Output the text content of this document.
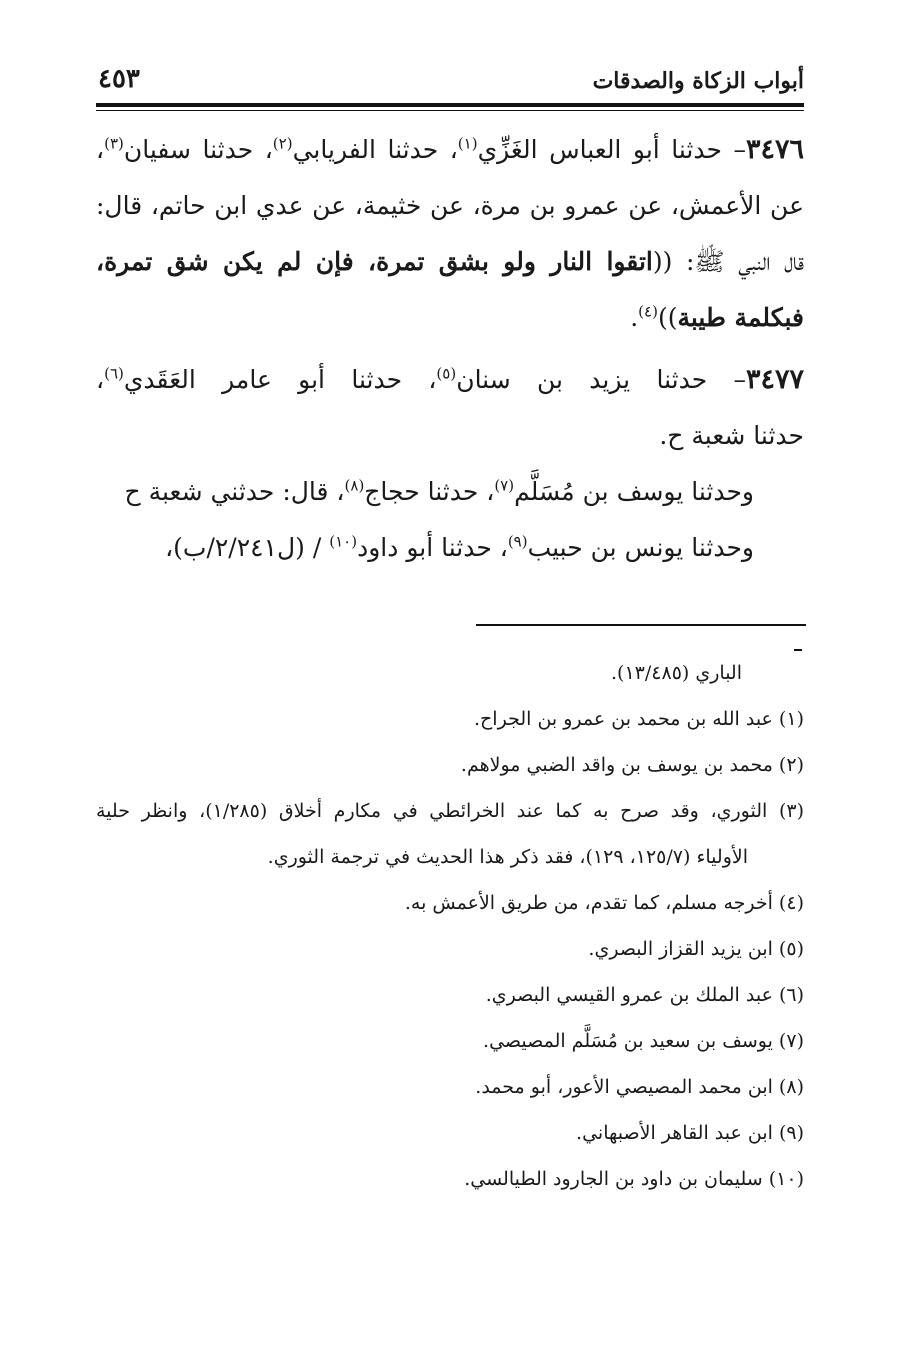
أبواب الزكاة والصدقات
٤٥٣
٣٤٧٦– حدثنا أبو العباس الغَزِّي$^{(١)}$، حدثنا الفريابي$^{(٢)}$، حدثنا سفيان$^{(٣)}$،
عن الأعمش، عن عمرو بن مرة، عن خثيمة، عن عدي ابن حاتم، قال:
قال النبي ﷺ: ((اتقوا النار ولو بشق تمرة، فإن لم يكن شق تمرة،
فبكلمة طيبة))$^{(٤)}$.
٣٤٧٧– حدثنا يزيد بن سنان$^{(٥)}$، حدثنا أبو عامر العَقَدي$^{(٦)}$،
حدثنا شعبة ح.
وحدثنا يوسف بن مُسَلَّم$^{(٧)}$، حدثنا حجاج$^{(٨)}$، قال: حدثني شعبة ح
وحدثنا يونس بن حبيب$^{(٩)}$، حدثنا أبو داود$^{(١٠)}$ / (ل٢/٢٤١/ب)،
الباري (١٣/٤٨٥).
(١) عبد الله بن محمد بن عمرو بن الجراح.
(٢) محمد بن يوسف بن واقد الضبي مولاهم.
(٣) الثوري، وقد صرح به كما عند الخرائطي في مكارم أخلاق (١/٢٨٥)، وانظر حلية
الأولياء (١٢٥/٧، ١٢٩)، فقد ذكر هذا الحديث في ترجمة الثوري.
(٤) أخرجه مسلم، كما تقدم، من طريق الأعمش به.
(٥) ابن يزيد القزاز البصري.
(٦) عبد الملك بن عمرو القيسي البصري.
(٧) يوسف بن سعيد بن مُسَلَّم المصيصي.
(٨) ابن محمد المصيصي الأعور، أبو محمد.
(٩) ابن عبد القاهر الأصبهاني.
(١٠) سليمان بن داود بن الجارود الطيالسي.
